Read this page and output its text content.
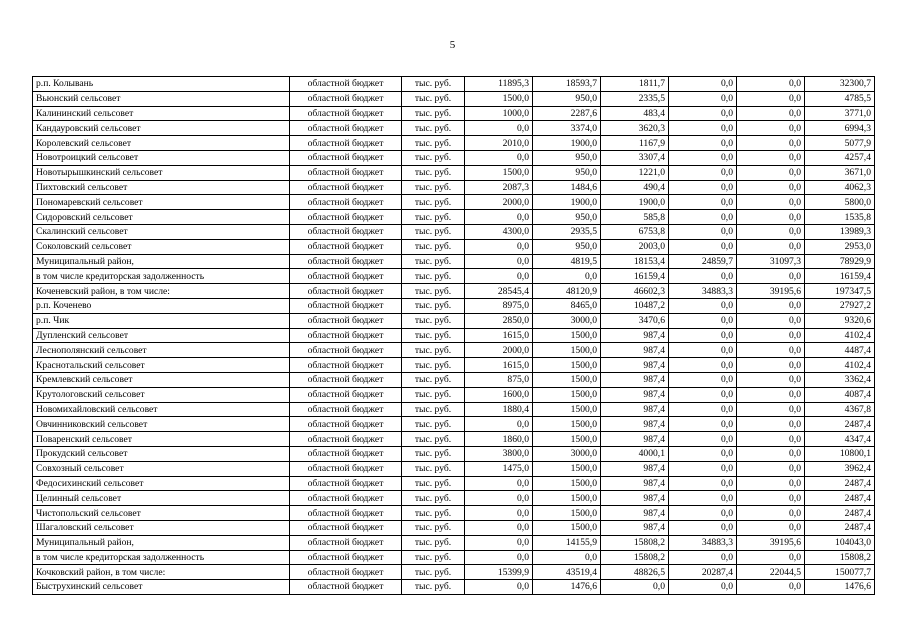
5
р.п. Колывань	областной бюджет	тыс. руб.	11895,3	18593,7	1811,7	0,0	0,0	32300,7
Вьюнский сельсовет	областной бюджет	тыс. руб.	1500,0	950,0	2335,5	0,0	0,0	4785,5
Калининский сельсовет	областной бюджет	тыс. руб.	1000,0	2287,6	483,4	0,0	0,0	3771,0
Кандауровский сельсовет	областной бюджет	тыс. руб.	0,0	3374,0	3620,3	0,0	0,0	6994,3
Королевский сельсовет	областной бюджет	тыс. руб.	2010,0	1900,0	1167,9	0,0	0,0	5077,9
Новотроицкий сельсовет	областной бюджет	тыс. руб.	0,0	950,0	3307,4	0,0	0,0	4257,4
Новотырышкинский сельсовет	областной бюджет	тыс. руб.	1500,0	950,0	1221,0	0,0	0,0	3671,0
Пихтовский сельсовет	областной бюджет	тыс. руб.	2087,3	1484,6	490,4	0,0	0,0	4062,3
Пономаревский сельсовет	областной бюджет	тыс. руб.	2000,0	1900,0	1900,0	0,0	0,0	5800,0
Сидоровский сельсовет	областной бюджет	тыс. руб.	0,0	950,0	585,8	0,0	0,0	1535,8
Скалинский сельсовет	областной бюджет	тыс. руб.	4300,0	2935,5	6753,8	0,0	0,0	13989,3
Соколовский сельсовет	областной бюджет	тыс. руб.	0,0	950,0	2003,0	0,0	0,0	2953,0
Муниципальный район,	областной бюджет	тыс. руб.	0,0	4819,5	18153,4	24859,7	31097,3	78929,9
в том числе кредиторская задолженность	областной бюджет	тыс. руб.	0,0	0,0	16159,4	0,0	0,0	16159,4
Коченевский район, в том числе:	областной бюджет	тыс. руб.	28545,4	48120,9	46602,3	34883,3	39195,6	197347,5
р.п. Коченево	областной бюджет	тыс. руб.	8975,0	8465,0	10487,2	0,0	0,0	27927,2
р.п. Чик	областной бюджет	тыс. руб.	2850,0	3000,0	3470,6	0,0	0,0	9320,6
Дупленский сельсовет	областной бюджет	тыс. руб.	1615,0	1500,0	987,4	0,0	0,0	4102,4
Леснополянский сельсовет	областной бюджет	тыс. руб.	2000,0	1500,0	987,4	0,0	0,0	4487,4
Краснотальский сельсовет	областной бюджет	тыс. руб.	1615,0	1500,0	987,4	0,0	0,0	4102,4
Кремлевский сельсовет	областной бюджет	тыс. руб.	875,0	1500,0	987,4	0,0	0,0	3362,4
Крутологовский сельсовет	областной бюджет	тыс. руб.	1600,0	1500,0	987,4	0,0	0,0	4087,4
Новомихайловский сельсовет	областной бюджет	тыс. руб.	1880,4	1500,0	987,4	0,0	0,0	4367,8
Овчинниковский сельсовет	областной бюджет	тыс. руб.	0,0	1500,0	987,4	0,0	0,0	2487,4
Поваренский сельсовет	областной бюджет	тыс. руб.	1860,0	1500,0	987,4	0,0	0,0	4347,4
Прокудский сельсовет	областной бюджет	тыс. руб.	3800,0	3000,0	4000,1	0,0	0,0	10800,1
Совхозный сельсовет	областной бюджет	тыс. руб.	1475,0	1500,0	987,4	0,0	0,0	3962,4
Федосихинский сельсовет	областной бюджет	тыс. руб.	0,0	1500,0	987,4	0,0	0,0	2487,4
Целинный сельсовет	областной бюджет	тыс. руб.	0,0	1500,0	987,4	0,0	0,0	2487,4
Чистопольский сельсовет	областной бюджет	тыс. руб.	0,0	1500,0	987,4	0,0	0,0	2487,4
Шагаловский сельсовет	областной бюджет	тыс. руб.	0,0	1500,0	987,4	0,0	0,0	2487,4
Муниципальный район,	областной бюджет	тыс. руб.	0,0	14155,9	15808,2	34883,3	39195,6	104043,0
в том числе кредиторская задолженность	областной бюджет	тыс. руб.	0,0	0,0	15808,2	0,0	0,0	15808,2
Кочковский район, в том числе:	областной бюджет	тыс. руб.	15399,9	43519,4	48826,5	20287,4	22044,5	150077,7
Быструхинский сельсовет	областной бюджет	тыс. руб.	0,0	1476,6	0,0	0,0	0,0	1476,6
